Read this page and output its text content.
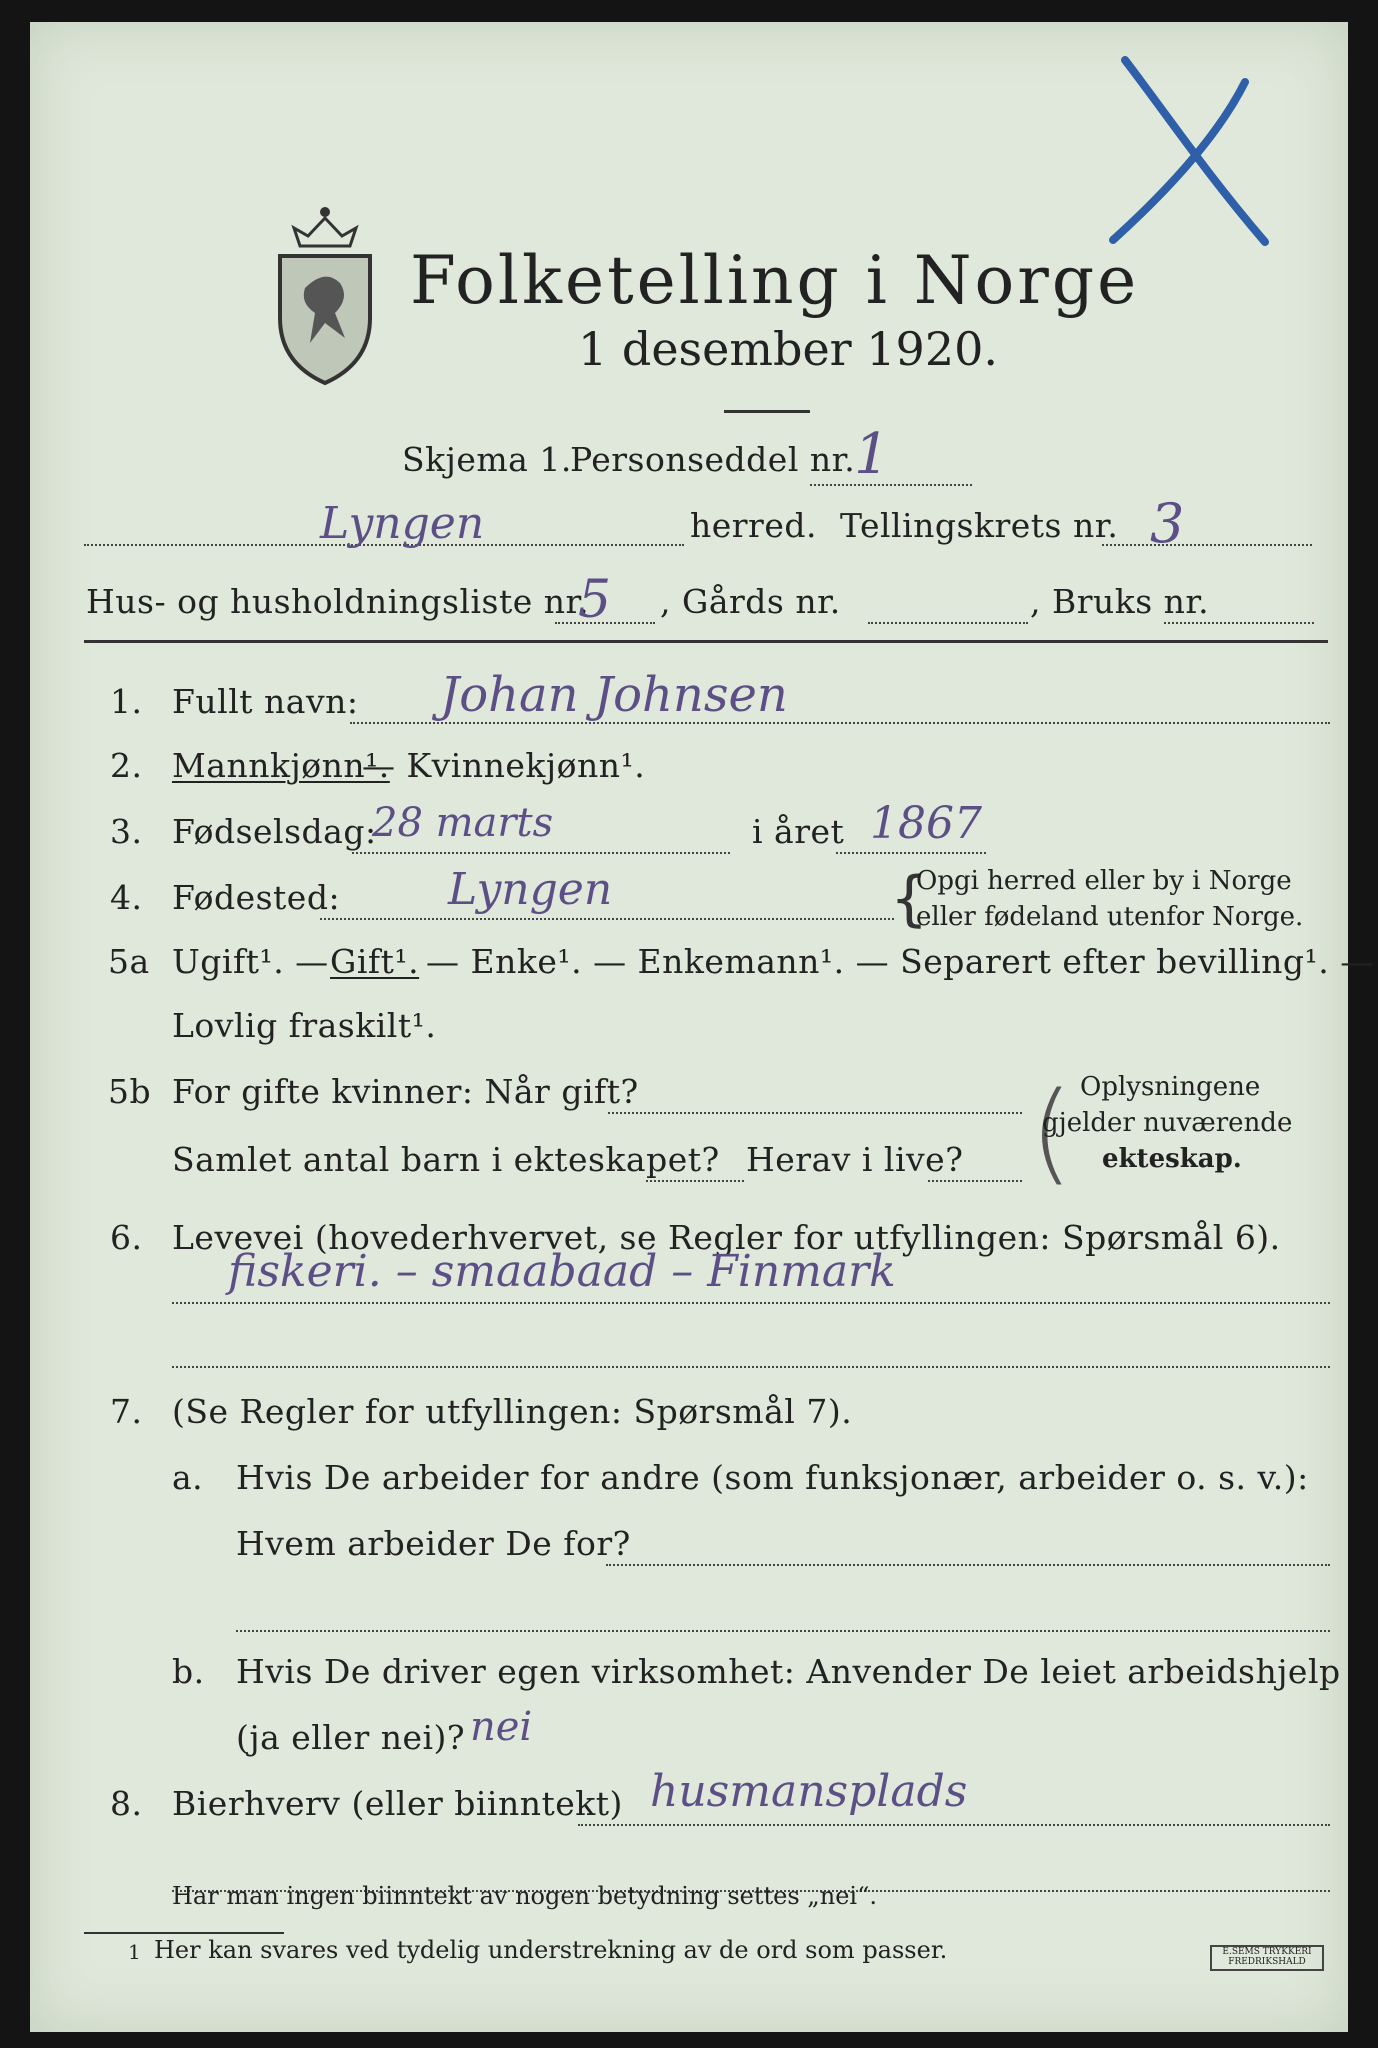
Folketelling i Norge
1 desember 1920.
Skjema 1.
Personseddel nr.
1
Lyngen	herred. Tellingskrets nr. 3
Hus- og husholdningsliste nr.
5 , Gårds nr.	, Bruks nr.
1. Fullt navn: Johan Johnsen
2. Mannkjønn¹.
— Kvinnekjønn¹.
3. Fødselsdag:
28 marts	i året 1867
4. Fødested: Lyngen	{
Opgi herred eller by i Norge
eller fødeland utenfor Norge.
5a Ugift¹. — Gift¹. — Enke¹. — Enkemann¹. — Separert efter bevilling¹. —
Lovlig fraskilt¹.
5b For gifte kvinner: Når gift?
Samlet antal barn i ekteskapet? Herav i live? ( Oplysningene
gjelder nuværende
ekteskap.
6. Levevei (hovederhvervet, se Regler for utfyllingen: Spørsmål 6).
fiskeri. – smaabaad – Finmark
7. (Se Regler for utfyllingen: Spørsmål 7).
a. Hvis De arbeider for andre (som funksjonær, arbeider o. s. v.):
Hvem arbeider De for?
b. Hvis De driver egen virksomhet: Anvender De leiet arbeidshjelp
(ja eller nei)? nei
8. Bierhverv (eller biinntekt) husmansplads
Har man ingen biinntekt av nogen betydning settes „nei“.
1 Her kan svares ved tydelig understrekning av de ord som passer.	E.SEMS TRYKKERI FREDRIKSHALD
